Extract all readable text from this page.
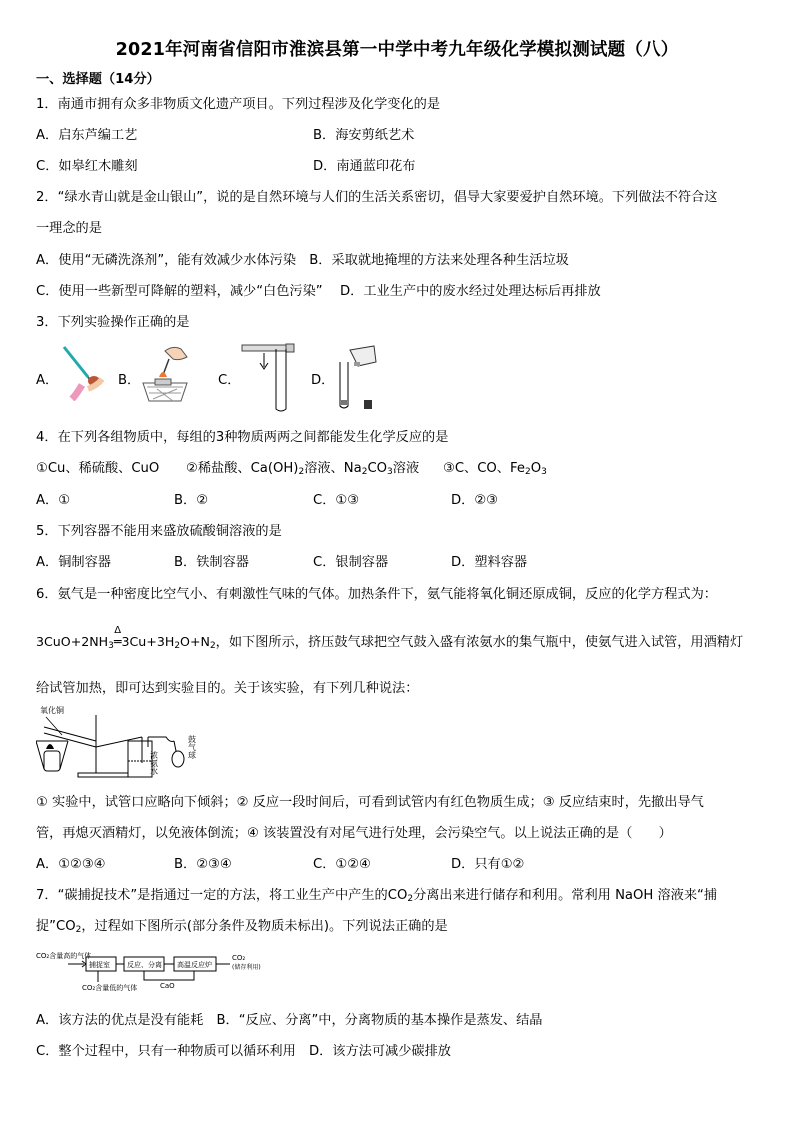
2021年河南省信阳市淮滨县第一中学中考九年级化学模拟测试题（八）
一、选择题（14分）
1．南通市拥有众多非物质文化遗产项目。下列过程涉及化学变化的是
A．启东芦编工艺	B．海安剪纸艺术
C．如皋红木雕刻	D．南通蓝印花布
2．“绿水青山就是金山银山”，说的是自然环境与人们的生活关系密切，倡导大家要爱护自然环境。下列做法不符合这
一理念的是
A．使用“无磷洗涤剂”，能有效减少水体污染　B．采取就地掩埋的方法来处理各种生活垃圾
C．使用一些新型可降解的塑料，减少“白色污染”　 D．工业生产中的废水经过处理达标后再排放
3．下列实验操作正确的是
A．	B．	C．	D．
4．在下列各组物质中，每组的3种物质两两之间都能发生化学反应的是
①Cu、稀硫酸、CuO ②稀盐酸、$Ca(OH)_2$溶液、$Na_2CO_3$溶液 ③C、CO、$Fe_2O_3$
A．①	B．②	C．①③	D．②③
5．下列容器不能用来盛放硫酸铜溶液的是
A．铜制容器	B．铁制容器	C．银制容器	D．塑料容器
6．氨气是一种密度比空气小、有刺激性气味的气体。加热条件下，氨气能将氧化铜还原成铜，反应的化学方程式为：
$3CuO+2NH_3$
Δ
$═3Cu+3H_2O+N_2$，如下图所示，挤压鼓气球把空气鼓入盛有浓氨水的集气瓶中，使氨气进入试管，用酒精灯
给试管加热，即可达到实验目的。关于该实验，有下列几种说法：
氧化铜
浓氨水
鼓气球
① 实验中，试管口应略向下倾斜；② 反应一段时间后，可看到试管内有红色物质生成；③ 反应结束时，先撤出导气
管，再熄灭酒精灯，以免液体倒流；④ 该装置没有对尾气进行处理，会污染空气。以上说法正确的是（　　）
A．①②③④	B．②③④	C．①②④	D．只有①②
7．“碳捕捉技术”是指通过一定的方法，将工业生产中产生的$CO_2$分离出来进行储存和利用。常利用 NaOH 溶液来“捕
捉$”CO_2$，过程如下图所示(部分条件及物质未标出)。下列说法正确的是
CO₂含量高的气体
捕捉室 反应、分离 高温反应炉
CO₂
(储存利用)
CO₂含量低的气体	CaO
A．该方法的优点是没有能耗　B．“反应、分离”中，分离物质的基本操作是蒸发、结晶
C．整个过程中，只有一种物质可以循环利用　D．该方法可减少碳排放
